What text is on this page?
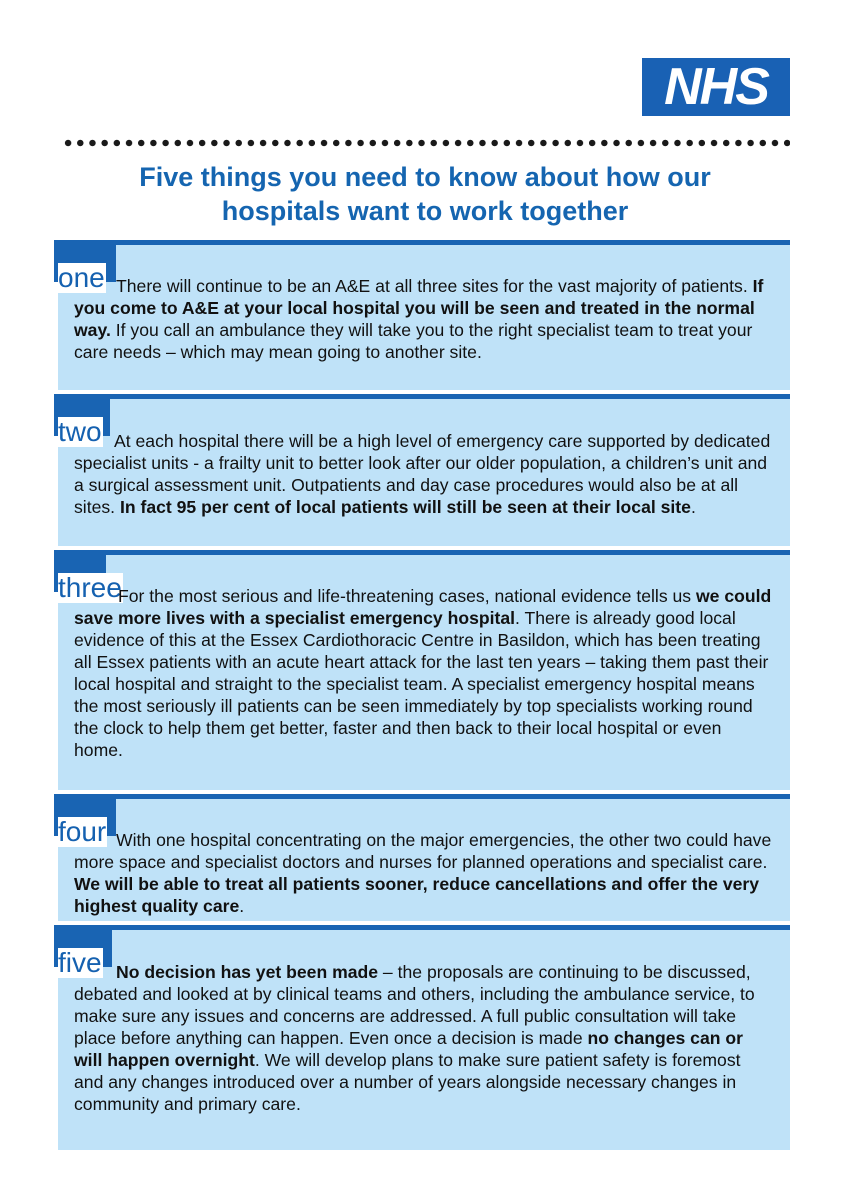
NHS
Five things you need to know about how our
hospitals want to work together
one There will continue to be an A&E at all three sites for the vast majority of patients. If you come to A&E at your local hospital you will be seen and treated in the normal way. If you call an ambulance they will take you to the right specialist team to treat your care needs – which may mean going to another site.
two At each hospital there will be a high level of emergency care supported by dedicated specialist units - a frailty unit to better look after our older population, a children’s unit and a surgical assessment unit. Outpatients and day case procedures would also be at all sites. In fact 95 per cent of local patients will still be seen at their local site.
three
For the most serious and life-threatening cases, national evidence tells us we could save more lives with a specialist emergency hospital. There is already good local evidence of this at the Essex Cardiothoracic Centre in Basildon, which has been treating all Essex patients with an acute heart attack for the last ten years – taking them past their local hospital and straight to the specialist team. A specialist emergency hospital means the most seriously ill patients can be seen immediately by top specialists working round the clock to help them get better, faster and then back to their local hospital or even home.
four With one hospital concentrating on the major emergencies, the other two could have more space and specialist doctors and nurses for planned operations and specialist care. We will be able to treat all patients sooner, reduce cancellations and offer the very highest quality care.
five No decision has yet been made – the proposals are continuing to be discussed, debated and looked at by clinical teams and others, including the ambulance service, to make sure any issues and concerns are addressed. A full public consultation will take place before anything can happen. Even once a decision is made no changes can or will happen overnight. We will develop plans to make sure patient safety is foremost and any changes introduced over a number of years alongside necessary changes in community and primary care.
